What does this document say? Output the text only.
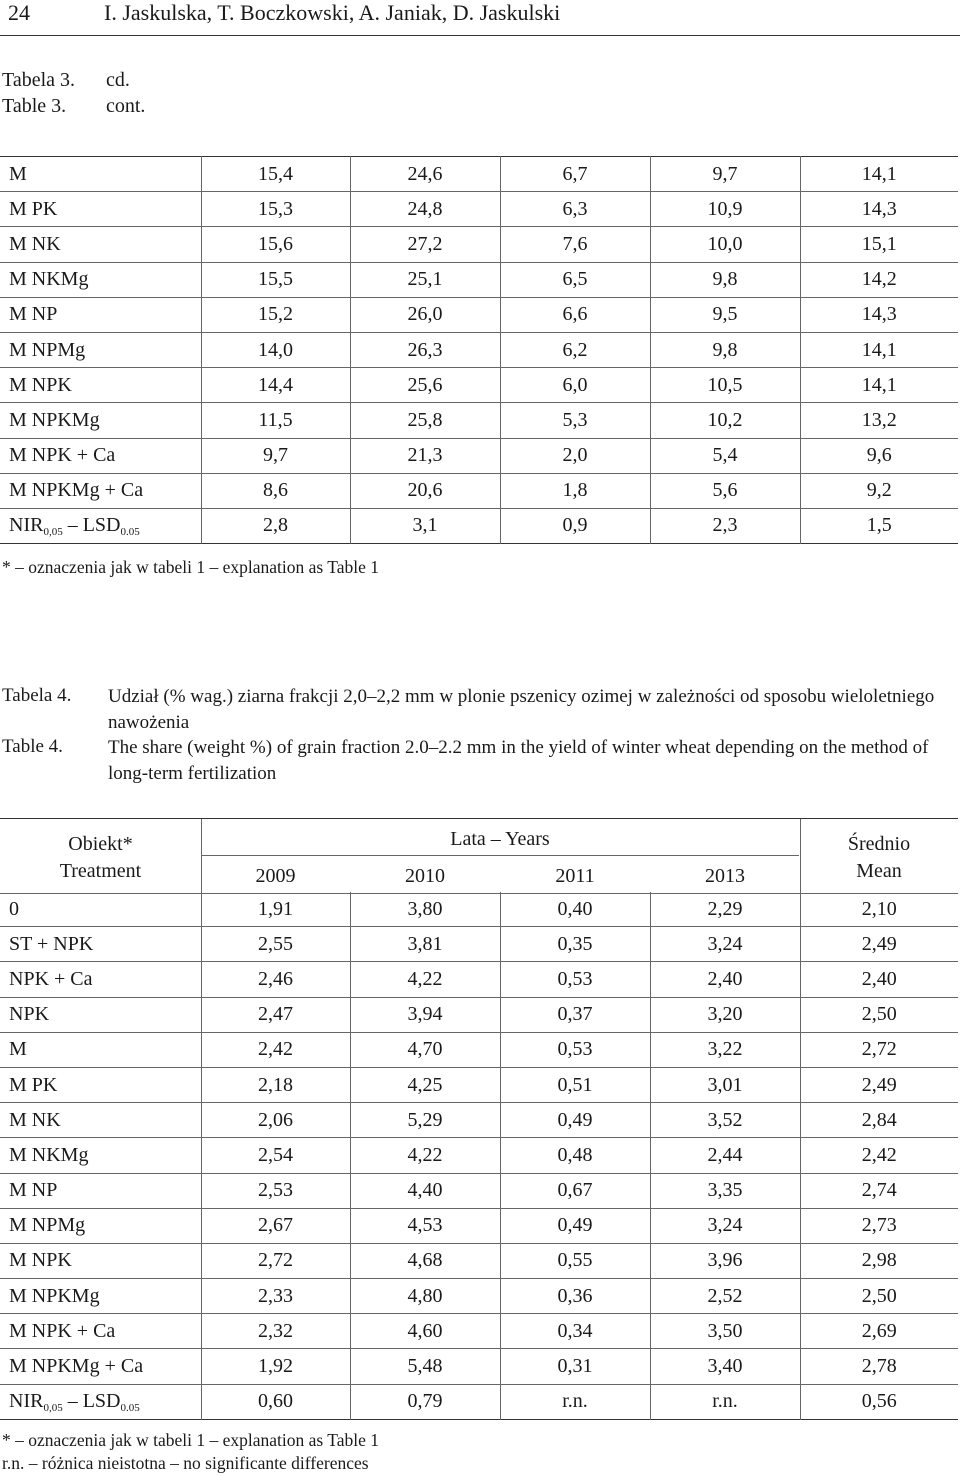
24	I. Jaskulska, T. Boczkowski, A. Janiak, D. Jaskulski
Tabela 3. cd.
Table 3. cont.
M	15,4	24,6	6,7	9,7	14,1
M PK	15,3	24,8	6,3	10,9	14,3
M NK	15,6	27,2	7,6	10,0	15,1
M NKMg	15,5	25,1	6,5	9,8	14,2
M NP	15,2	26,0	6,6	9,5	14,3
M NPMg	14,0	26,3	6,2	9,8	14,1
M NPK	14,4	25,6	6,0	10,5	14,1
M NPKMg	11,5	25,8	5,3	10,2	13,2
M NPK + Ca	9,7	21,3	2,0	5,4	9,6
M NPKMg + Ca	8,6	20,6	1,8	5,6	9,2
$NIR_{0,05} - LSD_{0.05}$	2,8	3,1	0,9	2,3	1,5
* – oznaczenia jak w tabeli 1 – explanation as Table 1
Tabela 4. Udział (% wag.) ziarna frakcji 2,0–2,2 mm w plonie pszenicy ozimej w zależności od sposobu wieloletniego nawożenia
Table 4. The share (weight %) of grain fraction 2.0–2.2 mm in the yield of winter wheat depending on the method of long-term fertilization
Obiekt*
Treatment
Lata – Years
2009	2010	2011	2013
Średnio
Mean
0	1,91	3,80	0,40	2,29	2,10
ST + NPK	2,55	3,81	0,35	3,24	2,49
NPK + Ca	2,46	4,22	0,53	2,40	2,40
NPK	2,47	3,94	0,37	3,20	2,50
M	2,42	4,70	0,53	3,22	2,72
M PK	2,18	4,25	0,51	3,01	2,49
M NK	2,06	5,29	0,49	3,52	2,84
M NKMg	2,54	4,22	0,48	2,44	2,42
M NP	2,53	4,40	0,67	3,35	2,74
M NPMg	2,67	4,53	0,49	3,24	2,73
M NPK	2,72	4,68	0,55	3,96	2,98
M NPKMg	2,33	4,80	0,36	2,52	2,50
M NPK + Ca	2,32	4,60	0,34	3,50	2,69
M NPKMg + Ca	1,92	5,48	0,31	3,40	2,78
$NIR_{0,05} - LSD_{0.05}$	0,60	0,79	r.n.	r.n.	0,56
* – oznaczenia jak w tabeli 1 – explanation as Table 1
r.n. – różnica nieistotna – no significante differences
